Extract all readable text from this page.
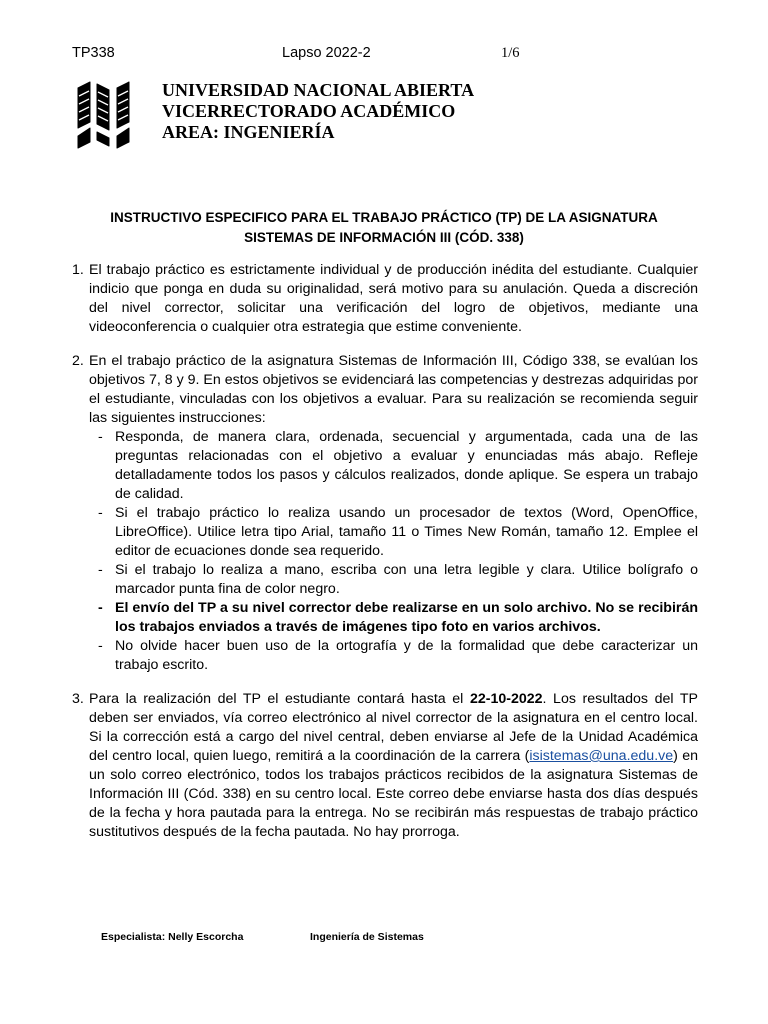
TP338	Lapso 2022-2	1/6
UNIVERSIDAD NACIONAL ABIERTA
VICERRECTORADO ACADÉMICO
AREA: INGENIERÍA
INSTRUCTIVO ESPECIFICO PARA EL TRABAJO PRÁCTICO (TP) DE LA ASIGNATURA
SISTEMAS DE INFORMACIÓN III (CÓD. 338)
1. El trabajo práctico es estrictamente individual y de producción inédita del estudiante. Cualquier indicio que ponga en duda su originalidad, será motivo para su anulación. Queda a discreción del nivel corrector, solicitar una verificación del logro de objetivos, mediante una videoconferencia o cualquier otra estrategia que estime conveniente.
2. En el trabajo práctico de la asignatura Sistemas de Información III, Código 338, se evalúan los objetivos 7, 8 y 9. En estos objetivos se evidenciará las competencias y destrezas adquiridas por el estudiante, vinculadas con los objetivos a evaluar. Para su realización se recomienda seguir las siguientes instrucciones:
- Responda, de manera clara, ordenada, secuencial y argumentada, cada una de las preguntas relacionadas con el objetivo a evaluar y enunciadas más abajo. Refleje detalladamente todos los pasos y cálculos realizados, donde aplique. Se espera un trabajo de calidad.
- Si el trabajo práctico lo realiza usando un procesador de textos (Word, OpenOffice, LibreOffice). Utilice letra tipo Arial, tamaño 11 o Times New Román, tamaño 12. Emplee el editor de ecuaciones donde sea requerido.
- Si el trabajo lo realiza a mano, escriba con una letra legible y clara. Utilice bolígrafo o marcador punta fina de color negro.
- El envío del TP a su nivel corrector debe realizarse en un solo archivo. No se recibirán los trabajos enviados a través de imágenes tipo foto en varios archivos.
- No olvide hacer buen uso de la ortografía y de la formalidad que debe caracterizar un trabajo escrito.
3. Para la realización del TP el estudiante contará hasta el 22-10-2022. Los resultados del TP deben ser enviados, vía correo electrónico al nivel corrector de la asignatura en el centro local. Si la corrección está a cargo del nivel central, deben enviarse al Jefe de la Unidad Académica del centro local, quien luego, remitirá a la coordinación de la carrera (isistemas@una.edu.ve) en un solo correo electrónico, todos los trabajos prácticos recibidos de la asignatura Sistemas de Información III (Cód. 338) en su centro local. Este correo debe enviarse hasta dos días después de la fecha y hora pautada para la entrega. No se recibirán más respuestas de trabajo práctico sustitutivos después de la fecha pautada. No hay prorroga.
Especialista: Nelly Escorcha	Ingeniería de Sistemas
